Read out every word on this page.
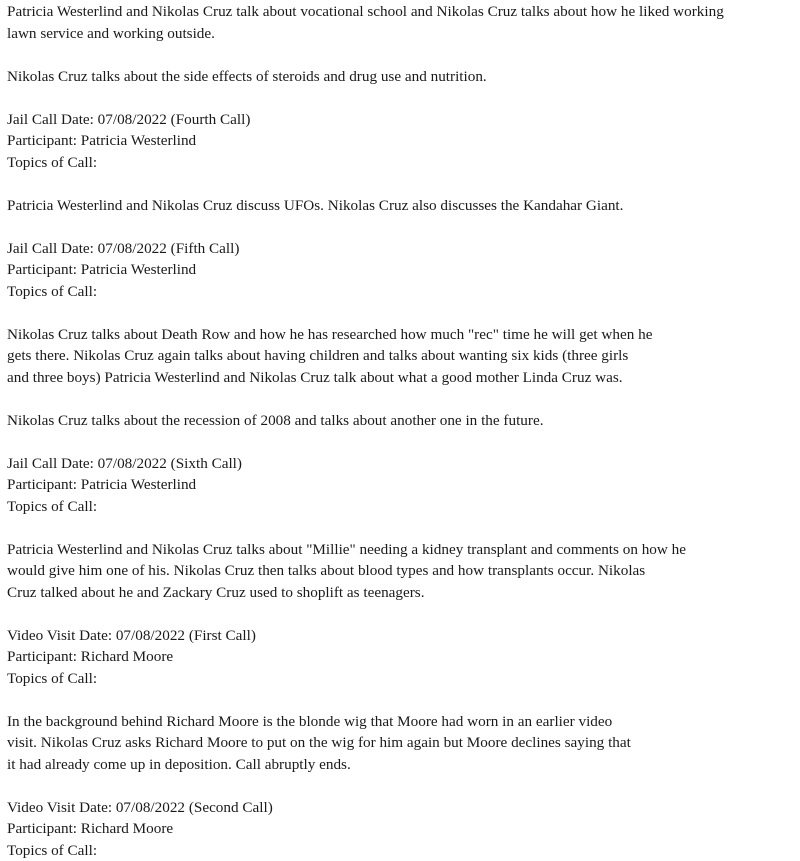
Patricia Westerlind and Nikolas Cruz talk about vocational school and Nikolas Cruz talks about how he liked working
lawn service and working outside.

Nikolas Cruz talks about the side effects of steroids and drug use and nutrition.

Jail Call Date: 07/08/2022 (Fourth Call)
Participant: Patricia Westerlind
Topics of Call:

Patricia Westerlind and Nikolas Cruz discuss UFOs. Nikolas Cruz also discusses the Kandahar Giant.

Jail Call Date: 07/08/2022 (Fifth Call)
Participant: Patricia Westerlind
Topics of Call:

Nikolas Cruz talks about Death Row and how he has researched how much "rec" time he will get when he
gets there. Nikolas Cruz again talks about having children and talks about wanting six kids (three girls
and three boys) Patricia Westerlind and Nikolas Cruz talk about what a good mother Linda Cruz was.

Nikolas Cruz talks about the recession of 2008 and talks about another one in the future.

Jail Call Date: 07/08/2022 (Sixth Call)
Participant: Patricia Westerlind
Topics of Call:

Patricia Westerlind and Nikolas Cruz talks about "Millie" needing a kidney transplant and comments on how he
would give him one of his. Nikolas Cruz then talks about blood types and how transplants occur. Nikolas
Cruz talked about he and Zackary Cruz used to shoplift as teenagers.

Video Visit Date: 07/08/2022 (First Call)
Participant: Richard Moore
Topics of Call:

In the background behind Richard Moore is the blonde wig that Moore had worn in an earlier video
visit. Nikolas Cruz asks Richard Moore to put on the wig for him again but Moore declines saying that
it had already come up in deposition. Call abruptly ends.

Video Visit Date: 07/08/2022 (Second Call)
Participant: Richard Moore
Topics of Call:
